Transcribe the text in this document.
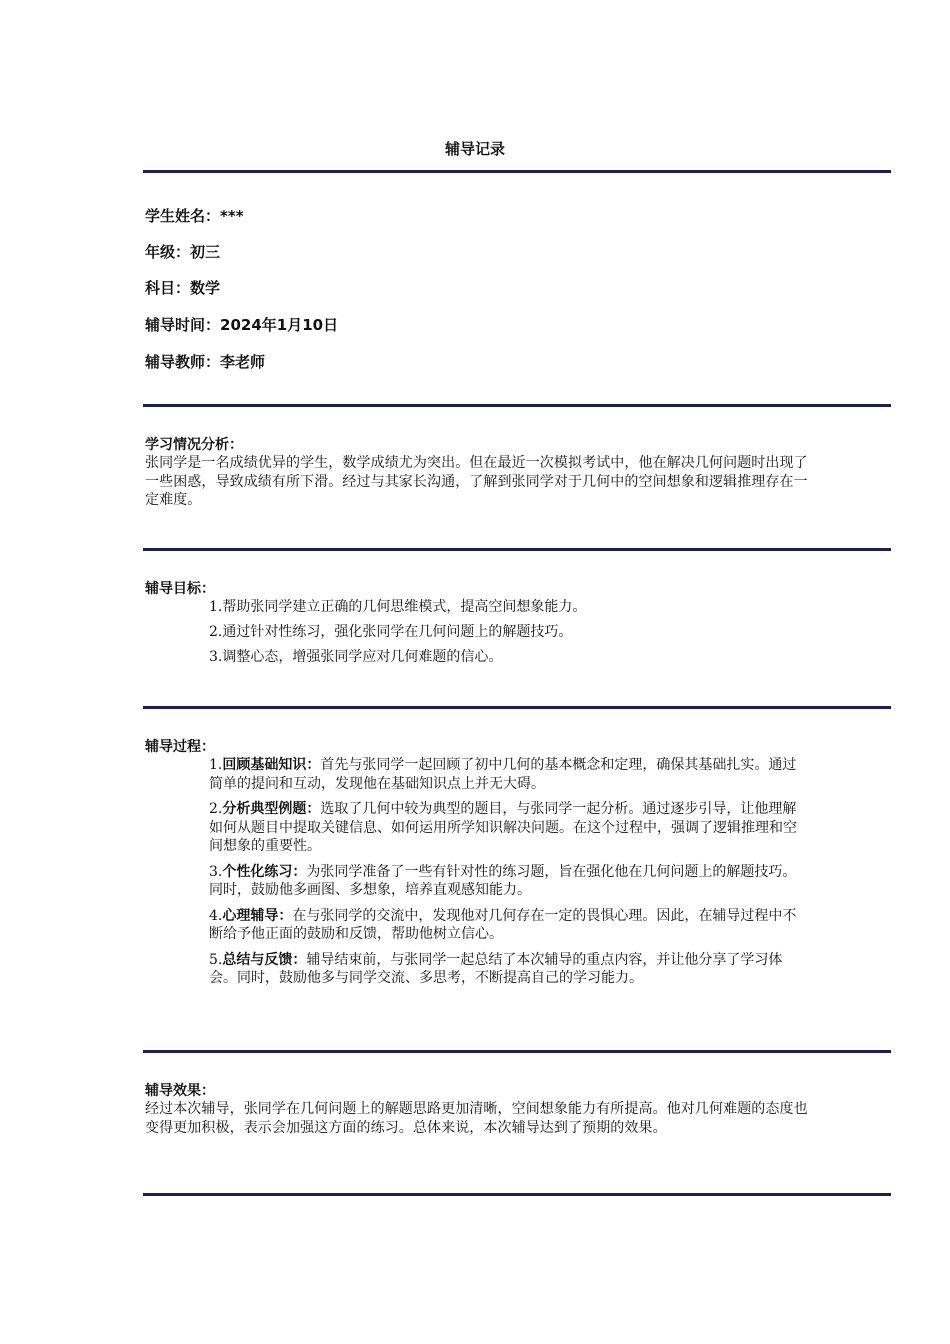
辅导记录
学生姓名：***
年级：初三
科目：数学
辅导时间：2024年1月10日
辅导教师：李老师
学习情况分析：
张同学是一名成绩优异的学生，数学成绩尤为突出。但在最近一次模拟考试中，他在解决几何问题时出现了一些困惑，导致成绩有所下滑。经过与其家长沟通，了解到张同学对于几何中的空间想象和逻辑推理存在一定难度。
辅导目标：
1.帮助张同学建立正确的几何思维模式，提高空间想象能力。
2.通过针对性练习，强化张同学在几何问题上的解题技巧。
3.调整心态，增强张同学应对几何难题的信心。
辅导过程：
1.回顾基础知识：首先与张同学一起回顾了初中几何的基本概念和定理，确保其基础扎实。通过简单的提问和互动，发现他在基础知识点上并无大碍。
2.分析典型例题：选取了几何中较为典型的题目，与张同学一起分析。通过逐步引导，让他理解如何从题目中提取关键信息、如何运用所学知识解决问题。在这个过程中，强调了逻辑推理和空间想象的重要性。
3.个性化练习：为张同学准备了一些有针对性的练习题，旨在强化他在几何问题上的解题技巧。同时，鼓励他多画图、多想象，培养直观感知能力。
4.心理辅导：在与张同学的交流中，发现他对几何存在一定的畏惧心理。因此，在辅导过程中不断给予他正面的鼓励和反馈，帮助他树立信心。
5.总结与反馈：辅导结束前，与张同学一起总结了本次辅导的重点内容，并让他分享了学习体会。同时，鼓励他多与同学交流、多思考，不断提高自己的学习能力。
辅导效果：
经过本次辅导，张同学在几何问题上的解题思路更加清晰，空间想象能力有所提高。他对几何难题的态度也变得更加积极，表示会加强这方面的练习。总体来说，本次辅导达到了预期的效果。
